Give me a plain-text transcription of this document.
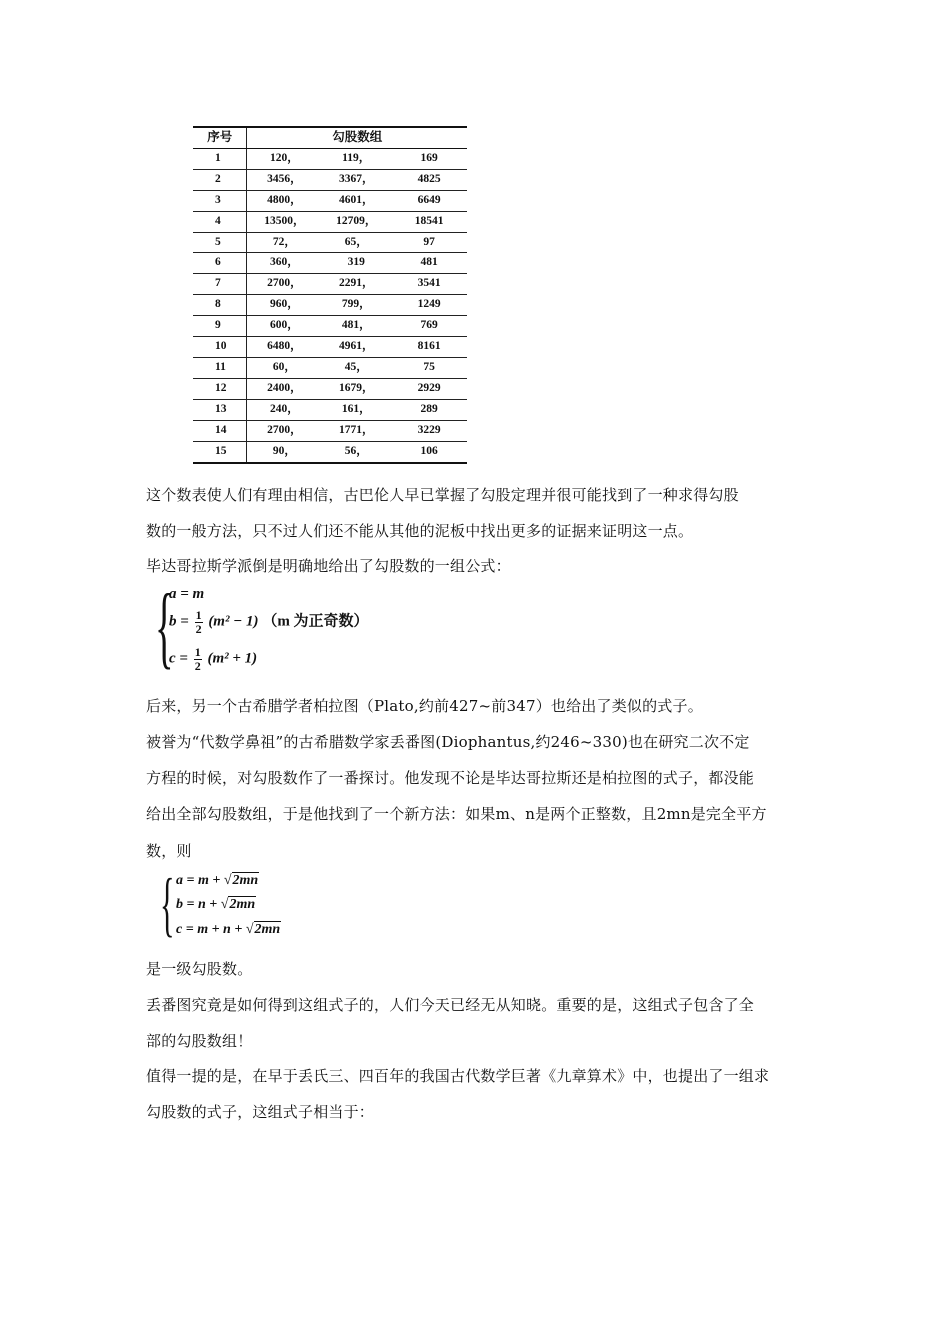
序号	勾股数组		
1	120，	119，	169
2	3456，	3367，	4825
3	4800，	4601，	6649
4	13500，	12709，	18541
5	72，	65，	97
6	360，	319	481
7	2700，	2291，	3541
8	960，	799，	1249
9	600，	481，	769
10	6480，	4961，	8161
11	60，	45，	75
12	2400，	1679，	2929
13	240，	161，	289
14	2700，	1771，	3229
15	90，	56，	106
这个数表使人们有理由相信，古巴伦人早已掌握了勾股定理并很可能找到了一种求得勾股
数的一般方法，只不过人们还不能从其他的泥板中找出更多的证据来证明这一点。
毕达哥拉斯学派倒是明确地给出了勾股数的一组公式：
{
a = m
$b = \frac{1}{2} (m^2 - 1)$ （m 为正奇数）
$c = \frac{1}{2} (m^2 + 1)$
后来，另一个古希腊学者柏拉图（Plato,约前427~前347）也给出了类似的式子。
被誉为“代数学鼻祖”的古希腊数学家丢番图(Diophantus,约246~330)也在研究二次不定
方程的时候，对勾股数作了一番探讨。他发现不论是毕达哥拉斯还是柏拉图的式子，都没能
给出全部勾股数组，于是他找到了一个新方法：如果m、n是两个正整数，且2mn是完全平方
数，则
{ a = m + √2mn
b = n + √2mn
c = m + n + √2mn
是一级勾股数。
丢番图究竟是如何得到这组式子的，人们今天已经无从知晓。重要的是，这组式子包含了全
部的勾股数组！
值得一提的是，在早于丢氏三、四百年的我国古代数学巨著《九章算术》中，也提出了一组求
勾股数的式子，这组式子相当于：
